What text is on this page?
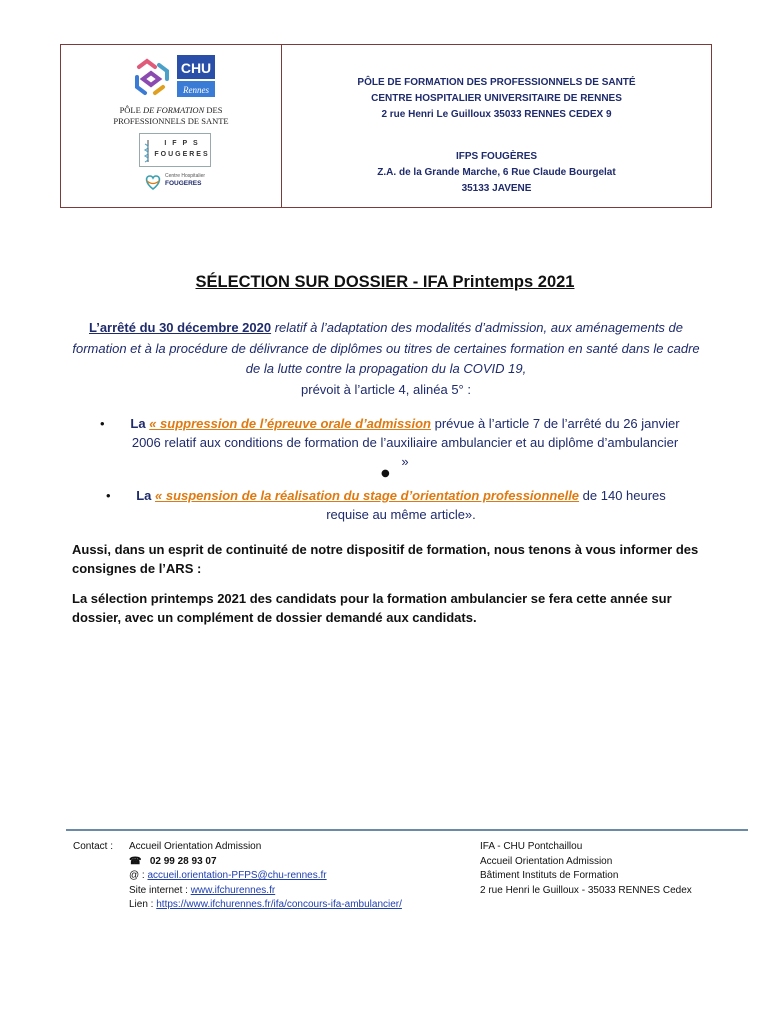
CHU
Rennes
PÔLE DE FORMATION DES
PROFESSIONNELS DE SANTE
I F P S
FOUGERES
Centre Hospitalier
FOUGERES
PÔLE DE FORMATION DES PROFESSIONNELS DE SANTÉ
CENTRE HOSPITALIER UNIVERSITAIRE DE RENNES
2 rue Henri Le Guilloux 35033 RENNES CEDEX 9
IFPS FOUGÈRES
Z.A. de la Grande Marche, 6 Rue Claude Bourgelat
35133 JAVENE
SÉLECTION SUR DOSSIER - IFA Printemps 2021
L’arrêté du 30 décembre 2020 relatif à l’adaptation des modalités d’admission, aux aménagements de formation et à la procédure de délivrance de diplômes ou titres de certaines formation en santé dans le cadre de la lutte contre la propagation du la COVID 19,
prévoit à l’article 4, alinéa 5° :
•	La « suppression de l’épreuve orale d’admission prévue à l’article 7 de l’arrêté du 26 janvier 2006 relatif aux conditions de formation de l’auxiliaire ambulancier et au diplôme d’ambulancier »
●
•	La « suspension de la réalisation du stage d’orientation professionnelle de 140 heures requise au même article».
Aussi, dans un esprit de continuité de notre dispositif de formation, nous tenons à vous informer des consignes de l’ARS :
La sélection printemps 2021 des candidats pour la formation ambulancier se fera cette année sur dossier, avec un complément de dossier demandé aux candidats.
Contact : Accueil Orientation Admission
☎ 02 99 28 93 07
@ : accueil.orientation-PFPS@chu-rennes.fr
Site internet : www.ifchurennes.fr
Lien : https://www.ifchurennes.fr/ifa/concours-ifa-ambulancier/
IFA - CHU Pontchaillou
Accueil Orientation Admission
Bâtiment Instituts de Formation
2 rue Henri le Guilloux - 35033 RENNES Cedex
